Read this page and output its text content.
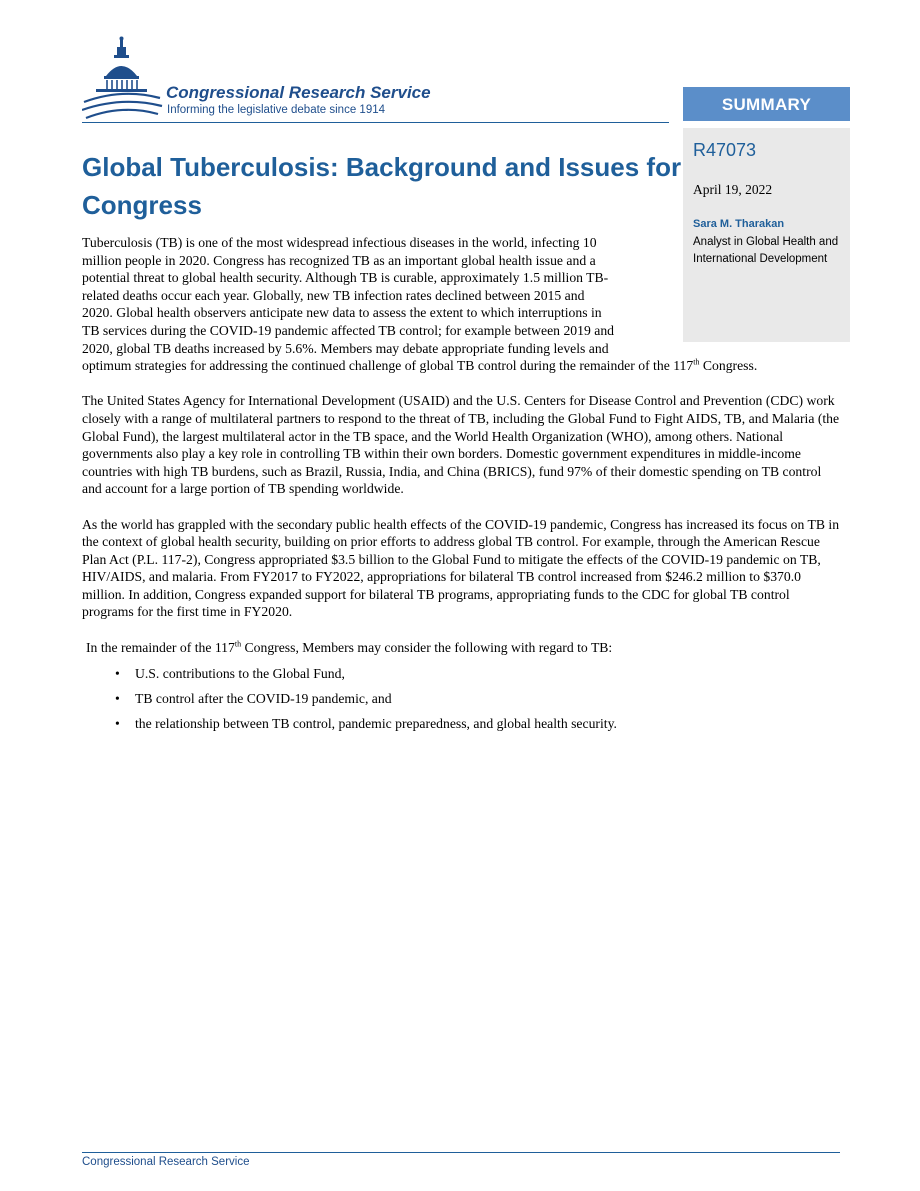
Congressional Research Service
Informing the legislative debate since 1914	SUMMARY
R47073
April 19, 2022
Sara M. Tharakan
Analyst in Global Health and International Development
Global Tuberculosis: Background and Issues for Congress
Tuberculosis (TB) is one of the most widespread infectious diseases in the world, infecting 10
million people in 2020. Congress has recognized TB as an important global health issue and a
potential threat to global health security. Although TB is curable, approximately 1.5 million TB-
related deaths occur each year. Globally, new TB infection rates declined between 2015 and
2020. Global health observers anticipate new data to assess the extent to which interruptions in
TB services during the COVID-19 pandemic affected TB control; for example between 2019 and
2020, global TB deaths increased by 5.6%. Members may debate appropriate funding levels and
optimum strategies for addressing the continued challenge of global TB control during the remainder of the 117th Congress.

The United States Agency for International Development (USAID) and the U.S. Centers for Disease Control and Prevention (CDC) work closely with a range of multilateral partners to respond to the threat of TB, including the Global Fund to Fight AIDS, TB, and Malaria (the Global Fund), the largest multilateral actor in the TB space, and the World Health Organization (WHO), among others. National governments also play a key role in controlling TB within their own borders. Domestic government expenditures in middle-income countries with high TB burdens, such as Brazil, Russia, India, and China (BRICS), fund 97% of their domestic spending on TB control and account for a large portion of TB spending worldwide.

As the world has grappled with the secondary public health effects of the COVID-19 pandemic, Congress has increased its focus on TB in the context of global health security, building on prior efforts to address global TB control. For example, through the American Rescue Plan Act (P.L. 117-2), Congress appropriated $3.5 billion to the Global Fund to mitigate the effects of the COVID-19 pandemic on TB, HIV/AIDS, and malaria. From FY2017 to FY2022, appropriations for bilateral TB control increased from $246.2 million to $370.0 million. In addition, Congress expanded support for bilateral TB programs, appropriating funds to the CDC for global TB control programs for the first time in FY2020.

In the remainder of the 117th Congress, Members may consider the following with regard to TB:

• U.S. contributions to the Global Fund,
• TB control after the COVID-19 pandemic, and
• the relationship between TB control, pandemic preparedness, and global health security.
Congressional Research Service
